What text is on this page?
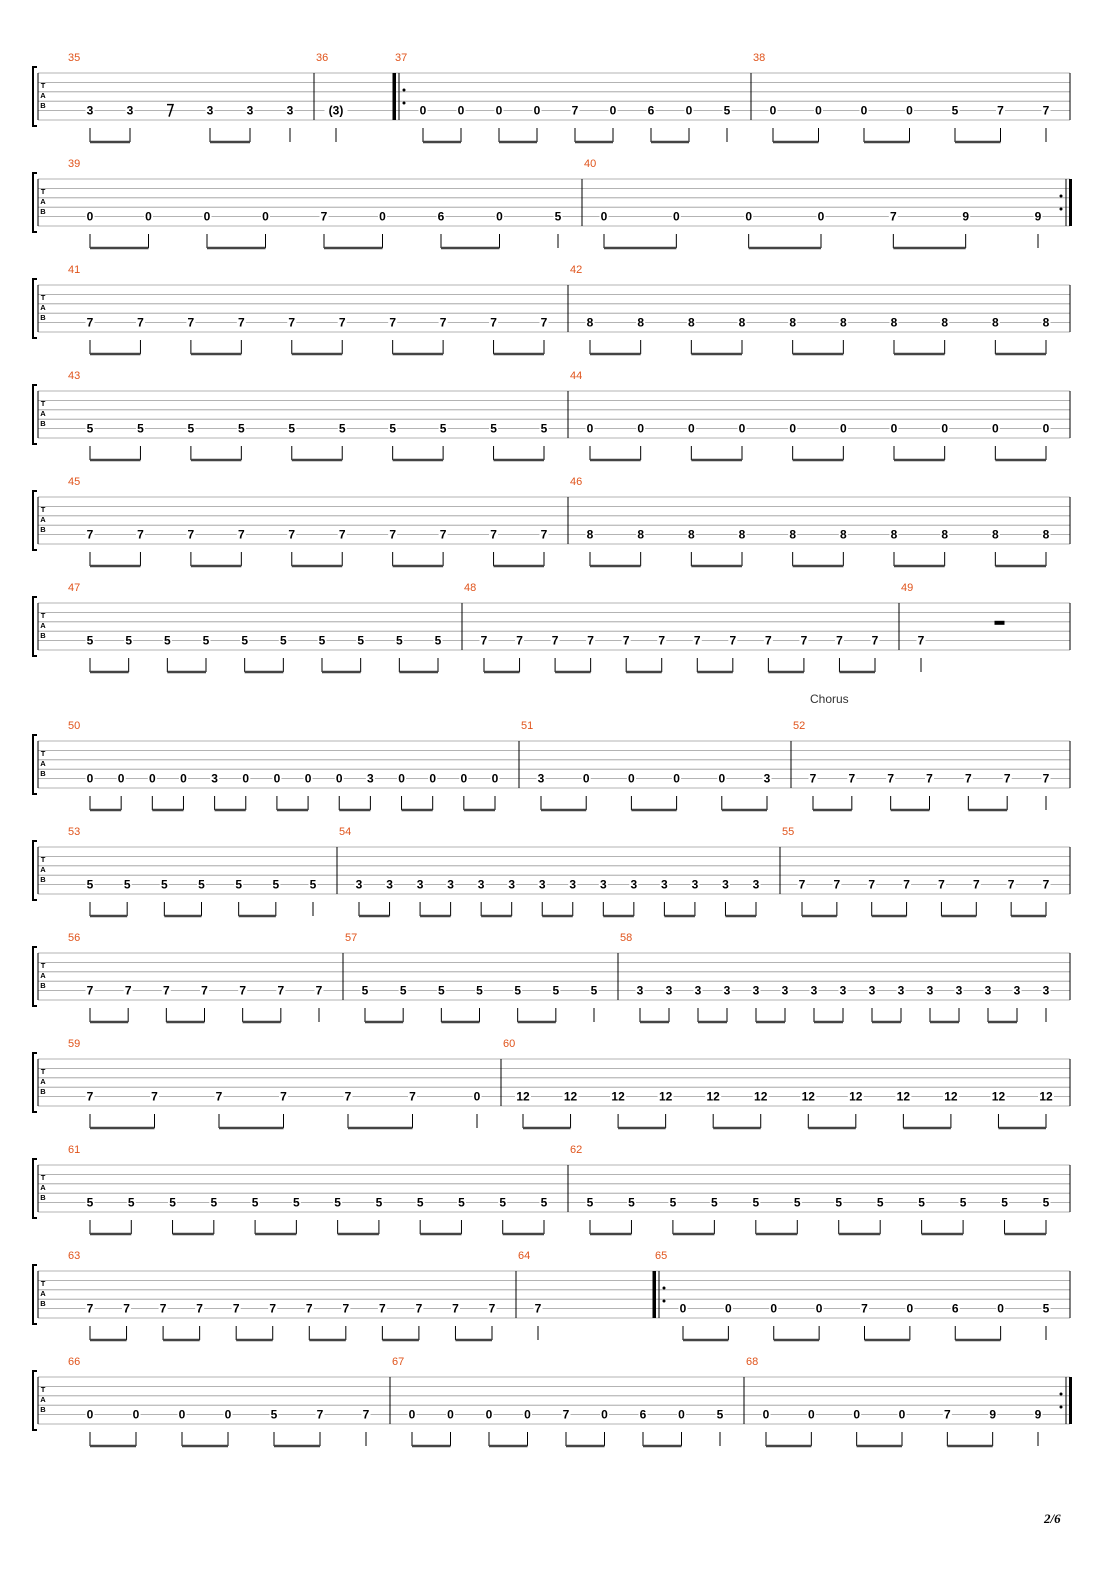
T
A
B
35
3	3	3	3	3
36
(3)
37
0	0	0	0	7	0	6	0	5
38
0	0	0	0	5	7	7
T
A
B
39
0	0	0	0	7	0	6	0	5
40
0	0	0	0	7	9	9
T
A
B
41
7	7	7	7	7	7	7	7	7	7
42
8	8	8	8	8	8	8	8	8	8
T
A
B
43
5	5	5	5	5	5	5	5	5	5
44
0	0	0	0	0	0	0	0	0	0
T
A
B
45
7	7	7	7	7	7	7	7	7	7
46
8	8	8	8	8	8	8	8	8	8
T
A
B
47
5	5	5	5	5	5	5	5	5	5
48
7 7 7 7 7 7 7 7 7 7 7 7
49
7
T
A
B
Chorus
50
0 0 0 0 3 0 0 0 0 3 0 0 0 0
51
3	0	0	0	0	3
52
7	7	7	7	7	7	7
T
A
B
53
5	5	5	5	5	5	5
54
3 3 3 3 3 3 3 3 3 3 3 3 3 3
55
7 7 7 7 7 7 7 7
T
A
B
56
7	7	7	7	7	7	7
57
5	5	5	5	5	5	5
58
3 3 3 3 3 3 3 3 3 3 3 3 3 3 3
T
A
B
59
7	7	7	7	7	7	0
60
12	12	12	12	12	12	12	12	12	12	12	12
T
A
B
61
5	5	5	5	5	5	5	5	5	5	5	5
62
5	5	5	5	5	5	5	5	5	5	5	5
T
A
B
63
7 7 7 7 7 7 7 7 7 7 7 7
64
7
65
0	0	0	0	7	0	6	0	5
T
A
B
66
0	0	0	0	5	7	7
67
0	0	0	0	7	0	6	0	5
68
0	0	0	0	7	9	9
2/6
